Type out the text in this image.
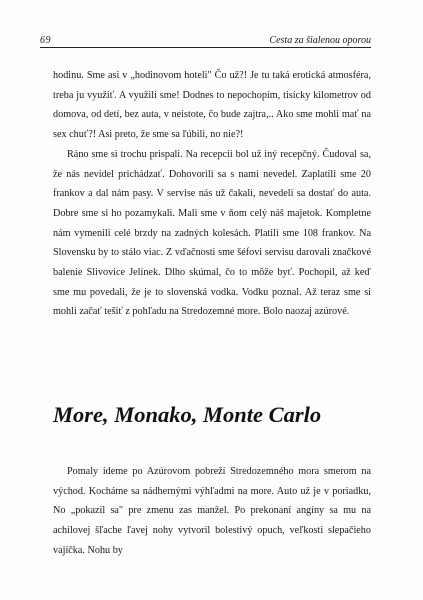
69	Cesta za šialenou oporou

hodinu. Sme asi v „hodinovom hoteli" Čo už?! Je tu taká erotická atmosféra, treba ju využiť. A využili sme! Dodnes to nepochopím, tisícky kilometrov od domova, od detí, bez auta, v neistote, čo bude zajtra,.. Ako sme mohli mať na sex chuť?! Asi preto, že sme sa ľúbili, no nie?!

Ráno sme si trochu prispali. Na recepcii bol už iný recepčný. Čudoval sa, že nás nevidel prichádzať. Dohovorili sa s nami nevedel. Zaplatili sme 20 frankov a dal nám pasy. V servise nás už čakali, nevedeli sa dostať do auta. Dobre sme si ho pozamykali. Mali sme v ňom celý náš majetok. Kompletne nám vymenili celé brzdy na zadných kolesách. Platili sme 108 frankov. Na Slovensku by to stálo viac. Z vďačnosti sme šéfovi servisu darovali značkové balenie Slivovice Jelínek. Dlho skúmal, čo to môže byť. Pochopil, až keď sme mu povedali, že je to slovenská vodka. Vodku poznal. Až teraz sme si mohli začať tešiť z pohľadu na Stredozemné more. Bolo naozaj azúrové.

More, Monako, Monte Carlo

Pomaly ideme po Azúrovom pobreží Stredozemného mora smerom na východ. Kocháme sa nádhernými výhľadmi na more. Auto už je v poriadku, No „pokazil sa" pre zmenu zas manžel. Po prekonaní angíny sa mu na achilovej šľache ľavej nohy vytvoril bolestivý opuch, veľkosti slepačieho vajíčka. Nohu by
